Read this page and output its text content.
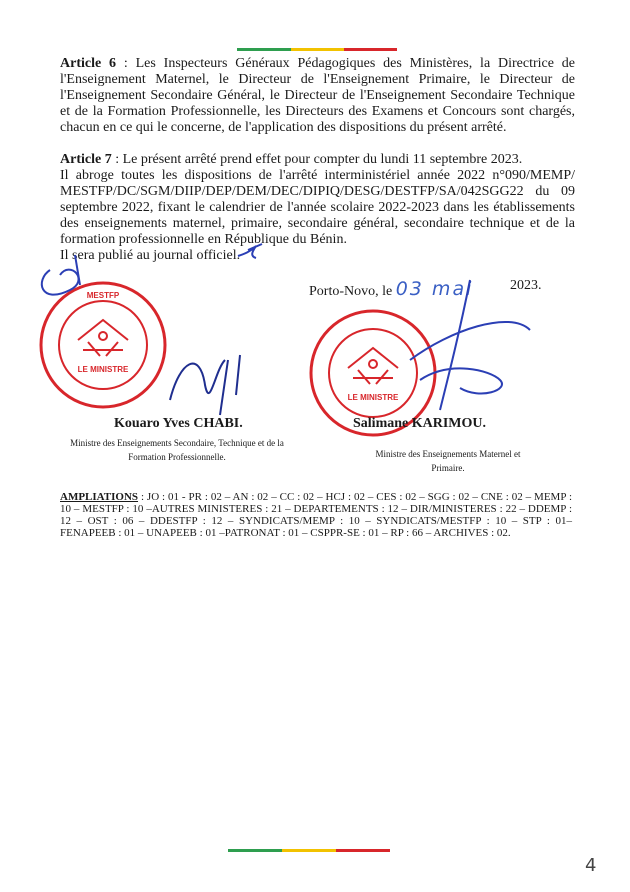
Article 6 : Les Inspecteurs Généraux Pédagogiques des Ministères, la Directrice de l'Enseignement Maternel, le Directeur de l'Enseignement Primaire, le Directeur de l'Enseignement Secondaire Général, le Directeur de l'Enseignement Secondaire Technique et de la Formation Professionnelle, les Directeurs des Examens et Concours sont chargés, chacun en ce qui le concerne, de l'application des dispositions du présent arrêté.
Article 7 : Le présent arrêté prend effet pour compter du lundi 11 septembre 2023.
Il abroge toutes les dispositions de l'arrêté interministériel année 2022 n°090/MEMP/ MESTFP/DC/SGM/DIIP/DEP/DEM/DEC/DIPIQ/DESG/DESTFP/SA/042SGG22 du 09 septembre 2022, fixant le calendrier de l'année scolaire 2022-2023 dans les établissements des enseignements maternel, primaire, secondaire général, secondaire technique et de la formation professionnelle en République du Bénin.
Il sera publié au journal officiel.
Porto-Novo, le 03 mai	2023.
LE MINISTRE
MESTFP
LE MINISTRE
Kouaro Yves CHABI.
Ministre des Enseignements Secondaire, Technique et de la
Formation Professionnelle.
Salimane KARIMOU.
Ministre des Enseignements Maternel et Primaire.
AMPLIATIONS : JO : 01 - PR : 02 – AN : 02 – CC : 02 – HCJ : 02 – CES : 02 – SGG : 02 – CNE : 02 – MEMP : 10 – MESTFP : 10 –AUTRES MINISTERES : 21 – DEPARTEMENTS : 12 – DIR/MINISTERES : 22 – DDEMP : 12 – OST : 06 – DDESTFP : 12 – SYNDICATS/MEMP : 10 – SYNDICATS/MESTFP : 10 – STP : 01– FENAPEEB : 01 – UNAPEEB : 01 –PATRONAT : 01 – CSPPR-SE : 01 – RP : 66 – ARCHIVES : 02.
4
